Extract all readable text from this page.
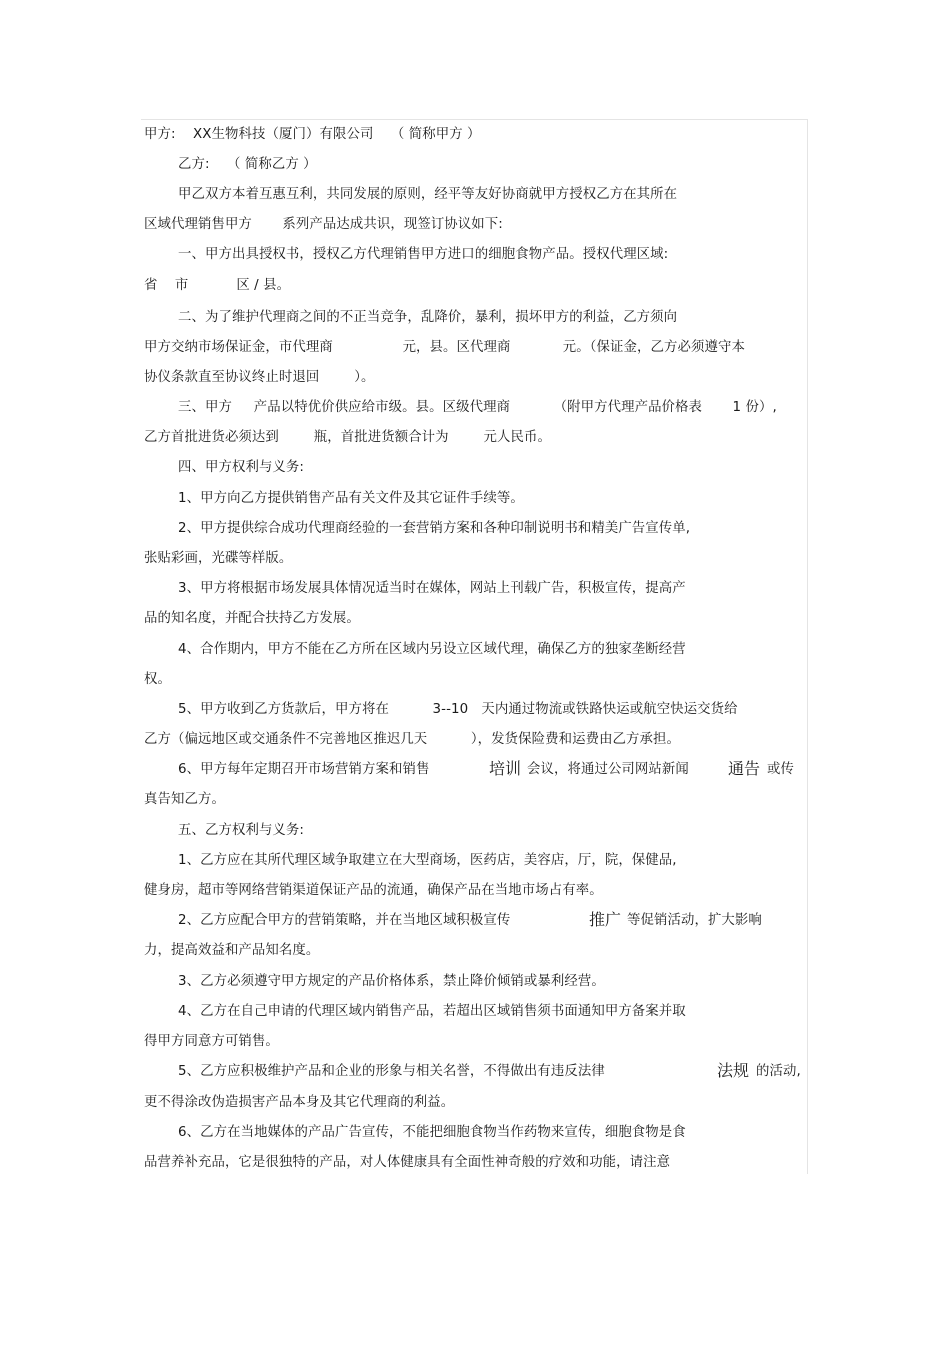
甲方:    XX生物科技（厦门）有限公司    （ 简称甲方 ）
乙方:    （ 简称乙方 ）
甲乙双方本着互惠互利，共同发展的原则，经平等友好协商就甲方授权乙方在其所在
区域代理销售甲方       系列产品达成共识，现签订协议如下:
一、甲方出具授权书，授权乙方代理销售甲方进口的细胞食物产品。授权代理区域:
省    市           区 / 县。
二、为了维护代理商之间的不正当竞争，乱降价，暴利，损坏甲方的利益，乙方须向
甲方交纳市场保证金，市代理商                元，县。区代理商            元。（保证金，乙方必须遵守本
协仪条款直至协议终止时退回        ）。
三、甲方     产品以特优价供应给市级。县。区级代理商          （附甲方代理产品价格表       1 份）,
乙方首批进货必须达到        瓶，首批进货额合计为        元人民币。
四、甲方权利与义务:
1、甲方向乙方提供销售产品有关文件及其它证件手续等。
2、甲方提供综合成功代理商经验的一套营销方案和各种印制说明书和精美广告宣传单,
张贴彩画，光碟等样版。
3、甲方将根据市场发展具体情况适当时在媒体，网站上刊载广告，积极宣传，提高产
品的知名度，并配合扶持乙方发展。
4、合作期内，甲方不能在乙方所在区域内另设立区域代理，确保乙方的独家垄断经营
权。
5、甲方收到乙方货款后，甲方将在          3--10   天内通过物流或铁路快运或航空快运交货给
乙方（偏远地区或交通条件不完善地区推迟几天          ），发货保险费和运费由乙方承担。
6、甲方每年定期召开市场营销方案和销售	培训 会议，将通过公司网站新闻	通告 或传
真告知乙方。
五、乙方权利与义务:
1、乙方应在其所代理区域争取建立在大型商场，医药店，美容店，厅，院，保健品,
健身房，超市等网络营销渠道保证产品的流通，确保产品在当地市场占有率。
2、乙方应配合甲方的营销策略，并在当地区域积极宣传	推广 等促销活动，扩大影响
力，提高效益和产品知名度。
3、乙方必须遵守甲方规定的产品价格体系，禁止降价倾销或暴利经营。
4、乙方在自己申请的代理区域内销售产品，若超出区域销售须书面通知甲方备案并取
得甲方同意方可销售。
5、乙方应积极维护产品和企业的形象与相关名誉，不得做出有违反法律	法规 的活动,
更不得涂改伪造损害产品本身及其它代理商的利益。
6、乙方在当地媒体的产品广告宣传，不能把细胞食物当作药物来宣传，细胞食物是食
品营养补充品，它是很独特的产品，对人体健康具有全面性神奇般的疗效和功能，请注意
